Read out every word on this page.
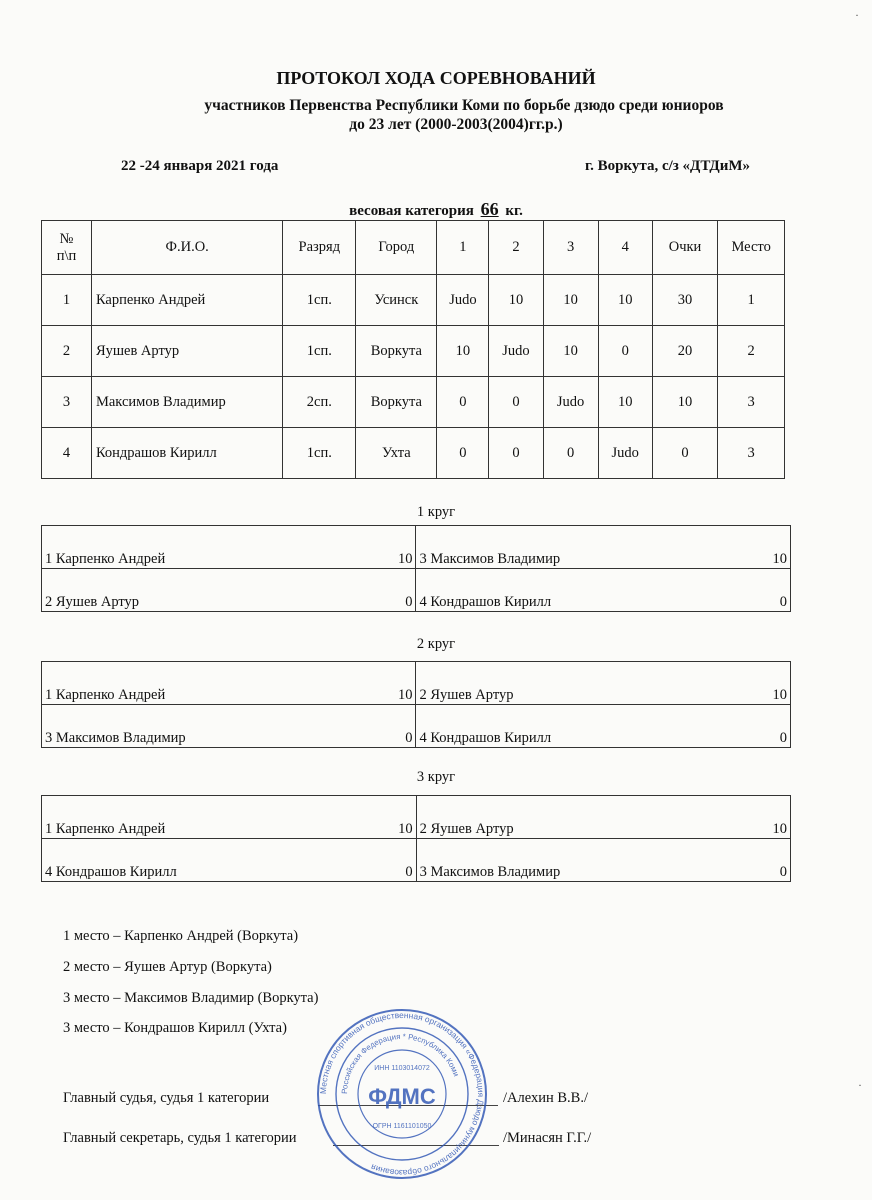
ПРОТОКОЛ ХОДА СОРЕВНОВАНИЙ
участников Первенства Республики Коми по борьбе дзюдо среди юниоров
до 23 лет (2000-2003(2004)гг.р.)
22 -24 января 2021 года	г. Воркута, с/з «ДТДиМ»
весовая категория 66 кг.
№
п\п	Ф.И.О.	Разряд	Город	1	2	3	4	Очки	Место
1	Карпенко Андрей	1сп.	Усинск	Judo	10	10	10	30	1
2	Яушев Артур	1сп.	Воркута	10	Judo	10	0	20	2
3	Максимов Владимир	2сп.	Воркута	0	0	Judo	10	10	3
4	Кондрашов Кирилл	1сп.	Ухта	0	0	0	Judo	0	3
1 круг
1 Карпенко Андрей 10	3 Максимов Владимир 10

2 Яушев Артур 0	4 Кондрашов Кирилл 0
2 круг
1 Карпенко Андрей 10	2 Яушев Артур 10

3 Максимов Владимир 0	4 Кондрашов Кирилл 0
3 круг
1 Карпенко Андрей 10	2 Яушев Артур 10

4 Кондрашов Кирилл 0	3 Максимов Владимир 0
1 место – Карпенко Андрей (Воркута)
2 место – Яушев Артур (Воркута)
3 место – Максимов Владимир (Воркута)
3 место – Кондрашов Кирилл (Ухта)
Главный судья, судья 1 категории	/Алехин В.В./
Главный секретарь, судья 1 категории	/Минасян Г.Г./
Местная спортивная общественная организация «Федерация Дзюдо муниципального образования
Российская Федерация * Республика Коми
ИНН 1103014072
ФДМС
ОГРН 1161101050
·
·
